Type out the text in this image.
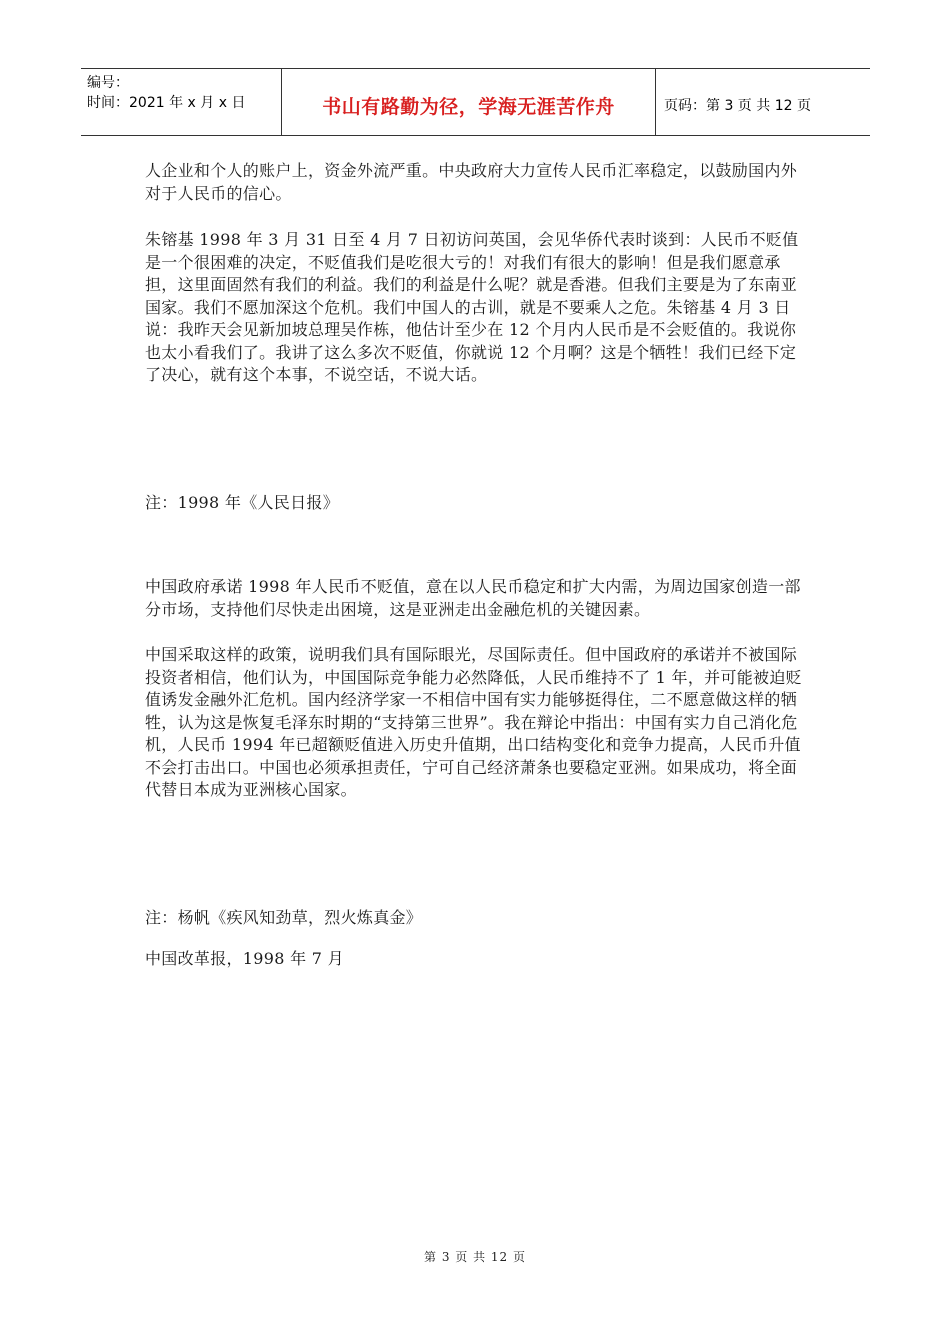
编号：
时间：2021 年 x 月 x 日	书山有路勤为径，学海无涯苦作舟	页码：第 3 页 共 12 页

人企业和个人的账户上，资金外流严重。中央政府大力宣传人民币汇率稳定，以鼓励国内外对于人民币的信心。

朱镕基 1998 年 3 月 31 日至 4 月 7 日初访问英国，会见华侨代表时谈到：人民币不贬值是一个很困难的决定，不贬值我们是吃很大亏的！对我们有很大的影响！但是我们愿意承担，这里面固然有我们的利益。我们的利益是什么呢？就是香港。但我们主要是为了东南亚国家。我们不愿加深这个危机。我们中国人的古训，就是不要乘人之危。朱镕基 4 月 3 日说：我昨天会见新加坡总理吴作栋，他估计至少在 12 个月内人民币是不会贬值的。我说你也太小看我们了。我讲了这么多次不贬值，你就说 12 个月啊？这是个牺牲！我们已经下定了决心，就有这个本事，不说空话，不说大话。

注：1998 年《人民日报》

中国政府承诺 1998 年人民币不贬值，意在以人民币稳定和扩大内需，为周边国家创造一部分市场，支持他们尽快走出困境，这是亚洲走出金融危机的关键因素。

中国采取这样的政策，说明我们具有国际眼光，尽国际责任。但中国政府的承诺并不被国际投资者相信，他们认为，中国国际竞争能力必然降低，人民币维持不了 1 年，并可能被迫贬值诱发金融外汇危机。国内经济学家一不相信中国有实力能够挺得住，二不愿意做这样的牺牲，认为这是恢复毛泽东时期的“支持第三世界”。我在辩论中指出：中国有实力自己消化危机，人民币 1994 年已超额贬值进入历史升值期，出口结构变化和竞争力提高，人民币升值不会打击出口。中国也必须承担责任，宁可自己经济萧条也要稳定亚洲。如果成功，将全面代替日本成为亚洲核心国家。

注：杨帆《疾风知劲草，烈火炼真金》

中国改革报，1998 年 7 月

第 3 页 共 12 页
